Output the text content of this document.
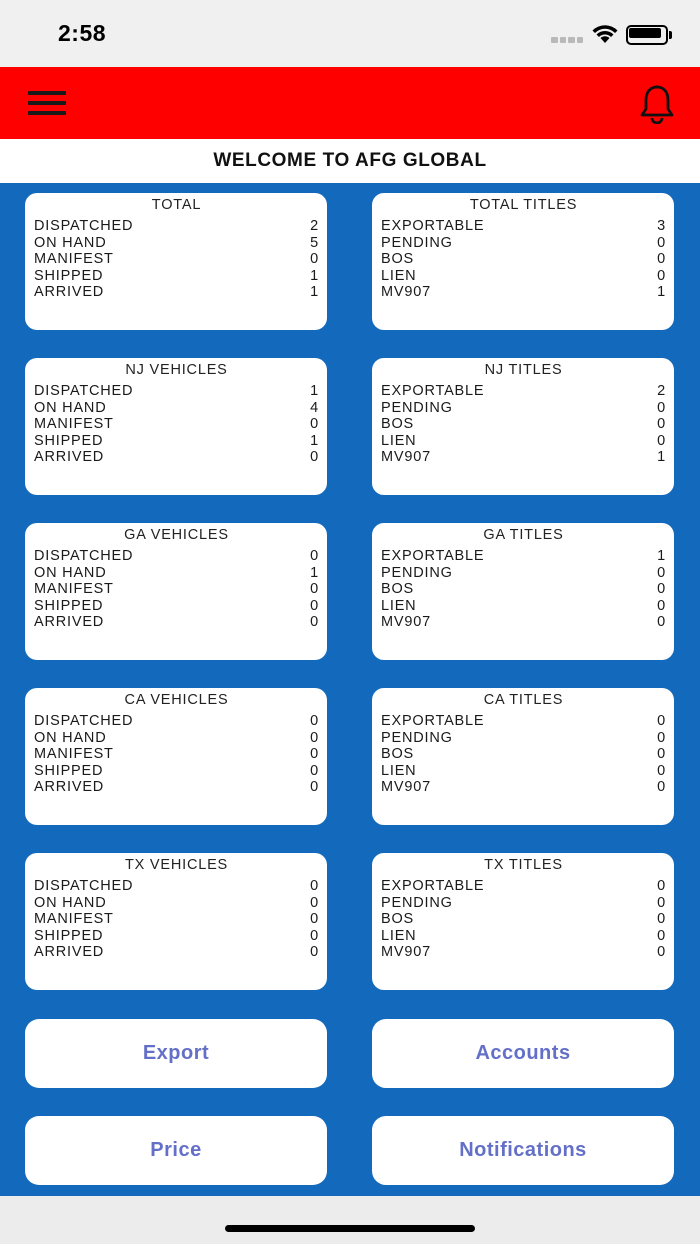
2:58
WELCOME TO AFG GLOBAL
TOTAL
DISPATCHED	2
ON HAND	5
MANIFEST	0
SHIPPED	1
ARRIVED	1
TOTAL TITLES
EXPORTABLE	3
PENDING	0
BOS	0
LIEN	0
MV907	1
NJ VEHICLES
DISPATCHED	1
ON HAND	4
MANIFEST	0
SHIPPED	1
ARRIVED	0
NJ TITLES
EXPORTABLE	2
PENDING	0
BOS	0
LIEN	0
MV907	1
GA VEHICLES
DISPATCHED	0
ON HAND	1
MANIFEST	0
SHIPPED	0
ARRIVED	0
GA TITLES
EXPORTABLE	1
PENDING	0
BOS	0
LIEN	0
MV907	0
CA VEHICLES
DISPATCHED	0
ON HAND	0
MANIFEST	0
SHIPPED	0
ARRIVED	0
CA TITLES
EXPORTABLE	0
PENDING	0
BOS	0
LIEN	0
MV907	0
TX VEHICLES
DISPATCHED	0
ON HAND	0
MANIFEST	0
SHIPPED	0
ARRIVED	0
TX TITLES
EXPORTABLE	0
PENDING	0
BOS	0
LIEN	0
MV907	0
Export	Accounts
Price	Notifications
